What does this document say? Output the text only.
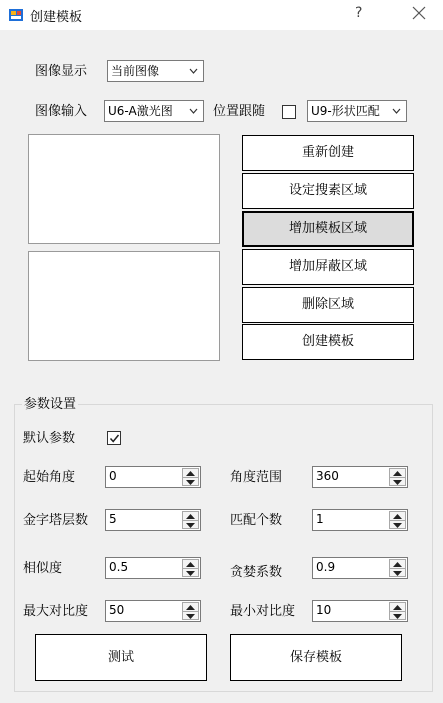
创建模板	?
图像显示 当前图像
图像输入 U6-A激光图	位置跟随	U9-形状匹配
重新创建
设定搜素区域
增加模板区域
增加屏蔽区域
删除区域
创建模板
参数设置
默认参数
起始角度	0	角度范围	360
金字塔层数 5	匹配个数	1
相似度	0.5	贪婪系数	0.9
最大对比度 50	最小对比度 10
测试	保存模板
